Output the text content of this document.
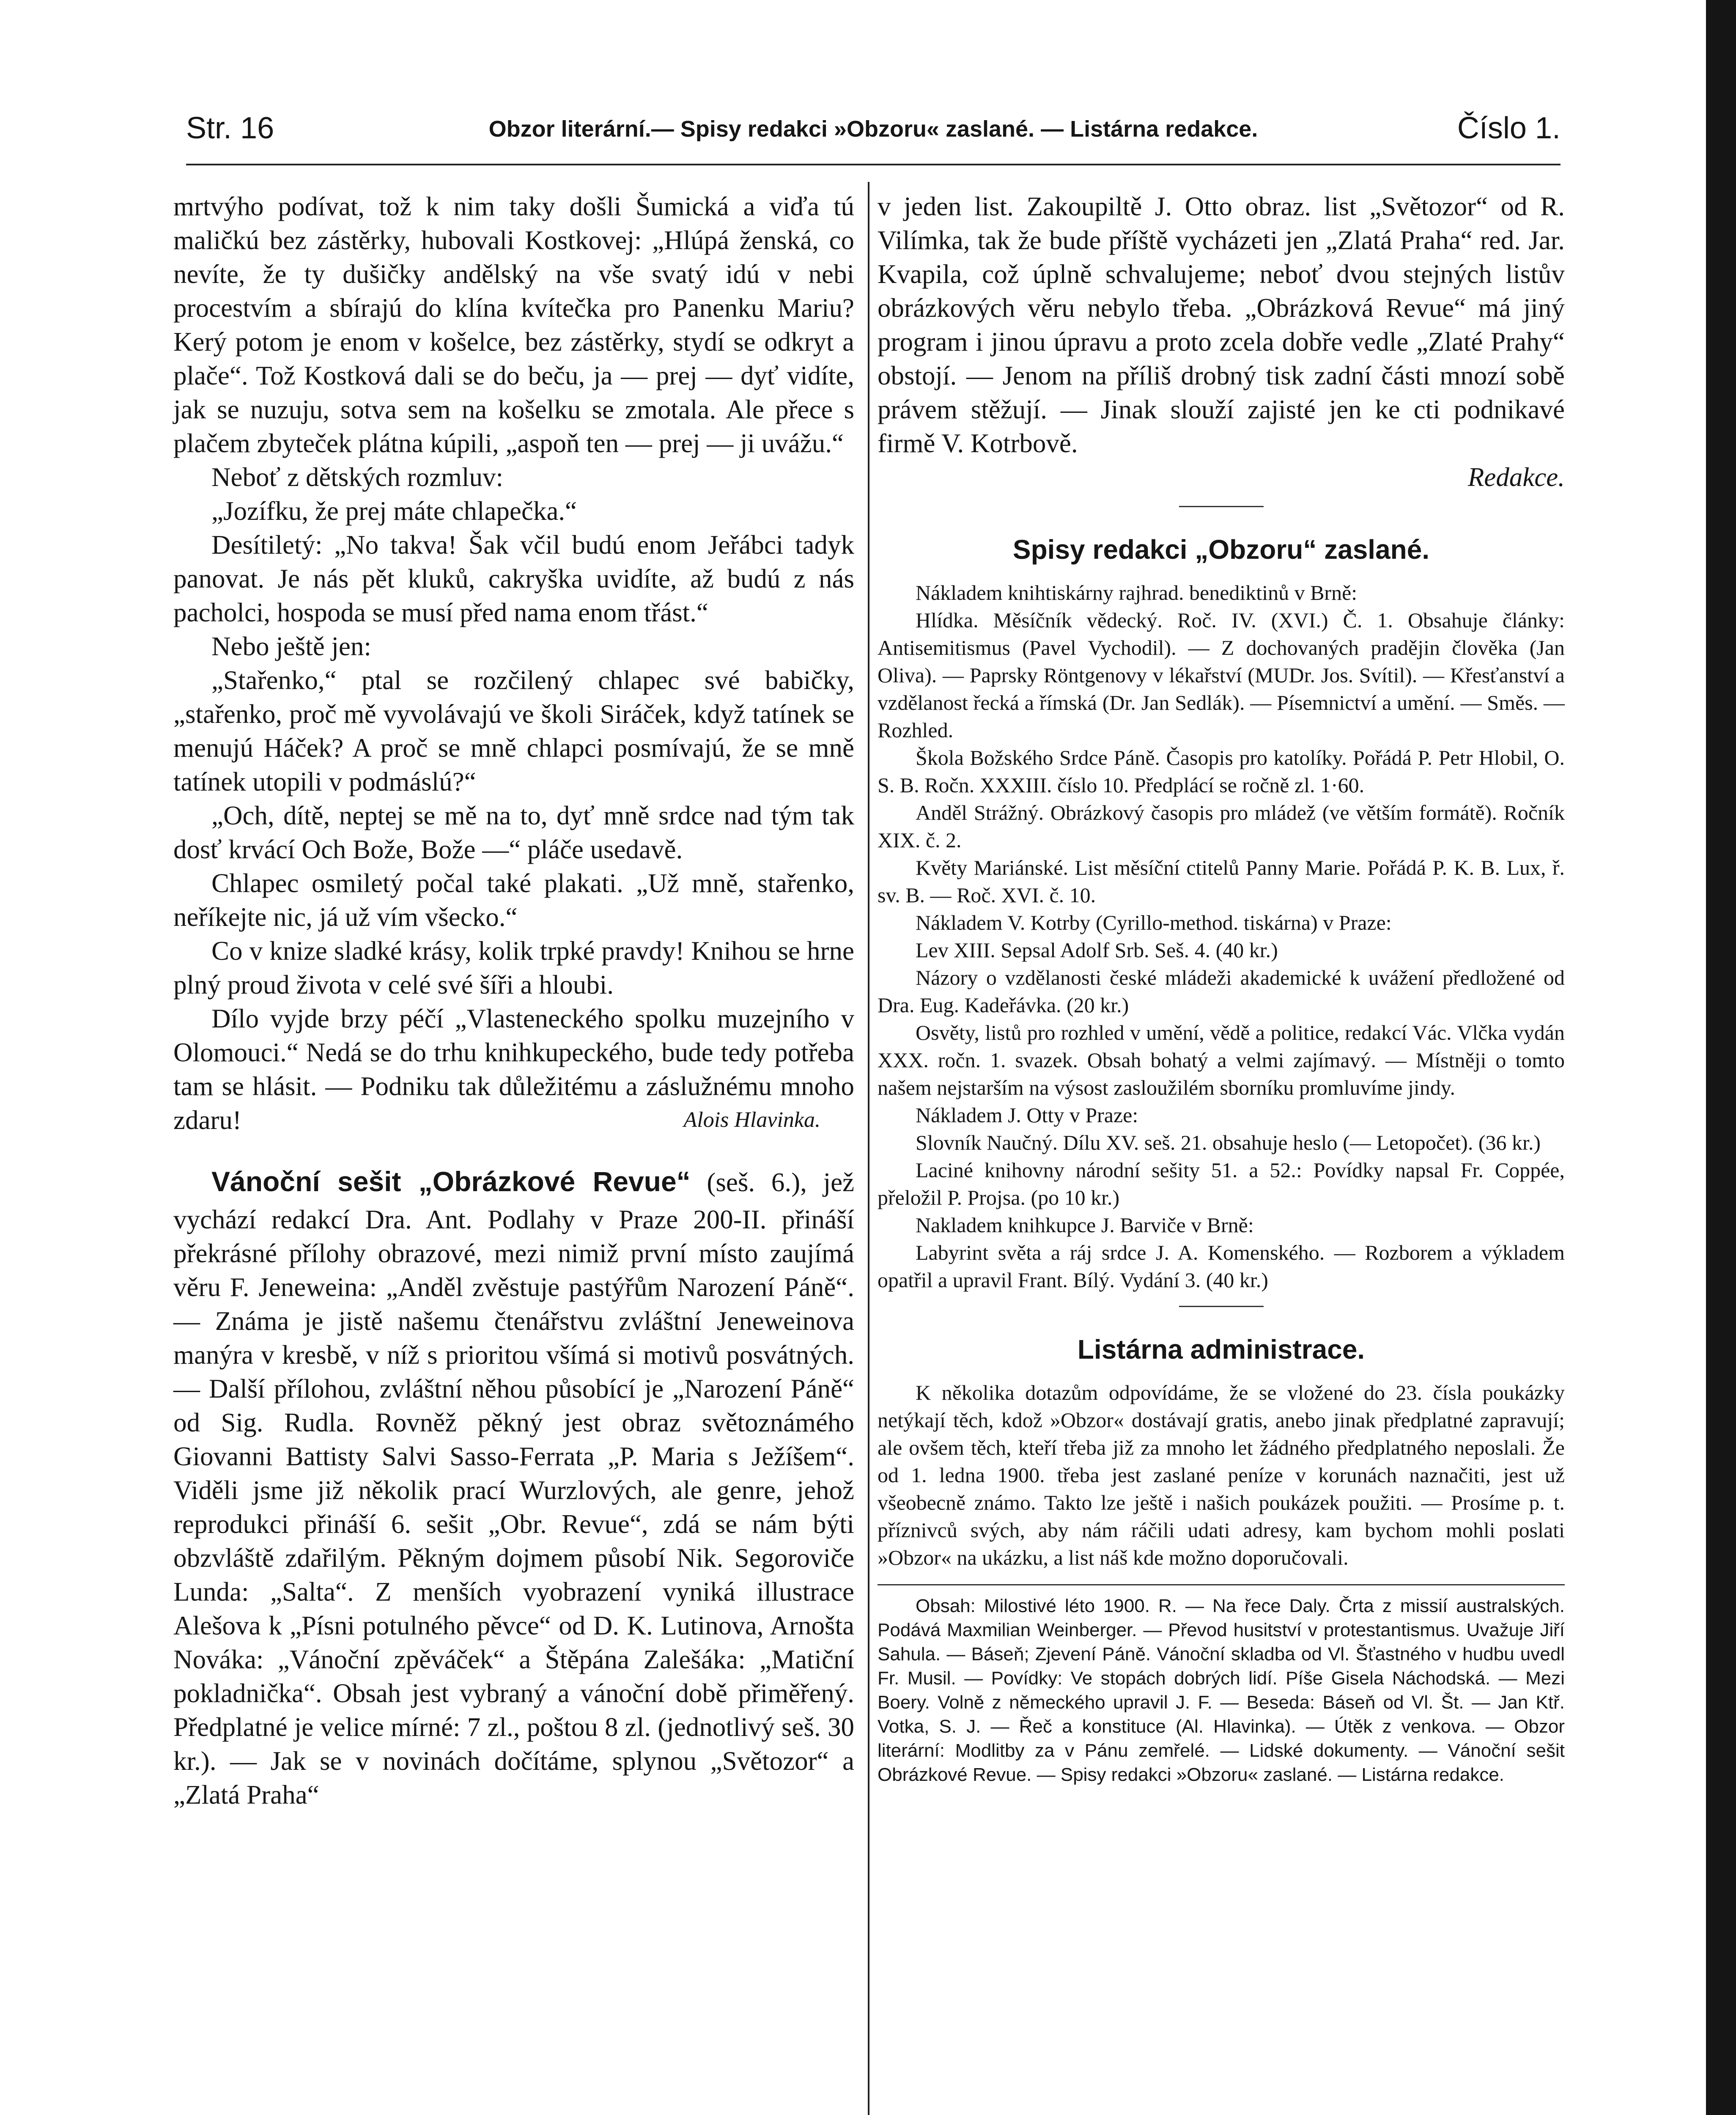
Str. 16	Obzor literární.— Spisy redakci »Obzoru« zaslané. — Listárna redakce.	Číslo 1.

mrtvýho podívat, tož k nim taky došli Šumická a viďa tú maličkú bez zástěrky, hubovali Kostkovej: „Hlúpá ženská, co nevíte, že ty dušičky andělský na vše svatý idú v nebi procestvím a sbírajú do klína kvítečka pro Panenku Mariu? Kerý potom je enom v košelce, bez zástěrky, stydí se odkryt a plače“. Tož Kostková dali se do beču, ja — prej — dyť vidíte, jak se nuzuju, sotva sem na košelku se zmotala. Ale přece s plačem zbyteček plátna kúpili, „aspoň ten — prej — ji uvážu.“

Neboť z dětských rozmluv:

„Jozífku, že prej máte chlapečka.“

Desítiletý: „No takva! Šak včil budú enom Jeřábci tadyk panovat. Je nás pět kluků, cakryška uvidíte, až budú z nás pacholci, hospoda se musí před nama enom třást.“

Nebo ještě jen:

„Stařenko,“ ptal se rozčilený chlapec své babičky, „stařenko, proč mě vyvolávajú ve školi Siráček, když tatínek se menujú Háček? A proč se mně chlapci posmívajú, že se mně tatínek utopili v podmáslú?“

„Och, dítě, neptej se mě na to, dyť mně srdce nad tým tak dosť krvácí Och Bože, Bože —“ pláče usedavě.

Chlapec osmiletý počal také plakati. „Už mně, stařenko, neříkejte nic, já už vím všecko.“

Co v knize sladké krásy, kolik trpké pravdy! Knihou se hrne plný proud života v celé své šíři a hloubi.

Dílo vyjde brzy péčí „Vlasteneckého spolku muzejního v Olomouci.“ Nedá se do trhu knihkupeckého, bude tedy potřeba tam se hlásit. — Podniku tak důležitému a záslužnému mnoho zdaru!	Alois Hlavinka.

Vánoční sešit „Obrázkové Revue“ (seš. 6.), jež vychází redakcí Dra. Ant. Podlahy v Praze 200-II. přináší překrásné přílohy obrazové, mezi nimiž první místo zaujímá věru F. Jeneweina: „Anděl zvěstuje pastýřům Narození Páně“. — Známa je jistě našemu čtenářstvu zvláštní Jeneweinova manýra v kresbě, v níž s prioritou všímá si motivů posvátných. — Další přílohou, zvláštní něhou působící je „Narození Páně“ od Sig. Rudla. Rovněž pěkný jest obraz světoznámého Giovanni Battisty Salvi Sasso-Ferrata „P. Maria s Ježíšem“. Viděli jsme již několik prací Wurzlových, ale genre, jehož reprodukci přináší 6. sešit „Obr. Revue“, zdá se nám býti obzvláště zdařilým. Pěkným dojmem působí Nik. Segoroviče Lunda: „Salta“. Z menších vyobrazení vyniká illustrace Alešova k „Písni potulného pěvce“ od D. K. Lutinova, Arnošta Nováka: „Vánoční zpěváček“ a Štěpána Zalešáka: „Matiční pokladnička“. Obsah jest vybraný a vánoční době přiměřený. Předplatné je velice mírné: 7 zl., poštou 8 zl. (jednotlivý seš. 30 kr.). — Jak se v novinách dočítáme, splynou „Světozor“ a „Zlatá Praha“

v jeden list. Zakoupiltě J. Otto obraz. list „Světozor“ od R. Vilímka, tak že bude příště vycházeti jen „Zlatá Praha“ red. Jar. Kvapila, což úplně schvalujeme; neboť dvou stejných listův obrázkových věru nebylo třeba. „Obrázková Revue“ má jiný program i jinou úpravu a proto zcela dobře vedle „Zlaté Prahy“ obstojí. — Jenom na příliš drobný tisk zadní části mnozí sobě právem stěžují. — Jinak slouží zajisté jen ke cti podnikavé firmě V. Kotrbově.

Redakce.

Spisy redakci „Obzoru“ zaslané.

Nákladem knihtiskárny rajhrad. benediktinů v Brně:

Hlídka. Měsíčník vědecký. Roč. IV. (XVI.) Č. 1. Obsahuje články: Antisemitismus (Pavel Vychodil). — Z dochovaných pradějin člověka (Jan Oliva). — Paprsky Röntgenovy v lékařství (MUDr. Jos. Svítil). — Křesťanství a vzdělanost řecká a římská (Dr. Jan Sedlák). — Písemnictví a umění. — Směs. — Rozhled.

Škola Božského Srdce Páně. Časopis pro katolíky. Pořádá P. Petr Hlobil, O. S. B. Ročn. XXXIII. číslo 10. Předplácí se ročně zl. 1·60.

Anděl Strážný. Obrázkový časopis pro mládež (ve větším formátě). Ročník XIX. č. 2.

Květy Mariánské. List měsíční ctitelů Panny Marie. Pořádá P. K. B. Lux, ř. sv. B. — Roč. XVI. č. 10.

Nákladem V. Kotrby (Cyrillo-method. tiskárna) v Praze:

Lev XIII. Sepsal Adolf Srb. Seš. 4. (40 kr.)

Názory o vzdělanosti české mládeži akademické k uvážení předložené od Dra. Eug. Kadeřávka. (20 kr.)

Osvěty, listů pro rozhled v umění, vědě a politice, redakcí Vác. Vlčka vydán XXX. ročn. 1. svazek. Obsah bohatý a velmi zajímavý. — Místněji o tomto našem nejstarším na výsost zasloužilém sborníku promluvíme jindy.

Nákladem J. Otty v Praze:

Slovník Naučný. Dílu XV. seš. 21. obsahuje heslo (— Letopočet). (36 kr.)

Laciné knihovny národní sešity 51. a 52.: Povídky napsal Fr. Coppée, přeložil P. Projsa. (po 10 kr.)

Nakladem knihkupce J. Barviče v Brně:

Labyrint světa a ráj srdce J. A. Komenského. — Rozborem a výkladem opatřil a upravil Frant. Bílý. Vydání 3. (40 kr.)

Listárna administrace.

K několika dotazům odpovídáme, že se vložené do 23. čísla poukázky netýkají těch, kdož »Obzor« dostávají gratis, anebo jinak předplatné zapravují; ale ovšem těch, kteří třeba již za mnoho let žádného předplatného neposlali. Že od 1. ledna 1900. třeba jest zaslané peníze v korunách naznačiti, jest už všeobecně známo. Takto lze ještě i našich poukázek použiti. — Prosíme p. t. příznivců svých, aby nám ráčili udati adresy, kam bychom mohli poslati »Obzor« na ukázku, a list náš kde možno doporučovali.

Obsah: Milostivé léto 1900. R. — Na řece Daly. Črta z missií australských. Podává Maxmilian Weinberger. — Převod husitství v protestantismus. Uvažuje Jiří Sahula. — Báseň; Zjevení Páně. Vánoční skladba od Vl. Šťastného v hudbu uvedl Fr. Musil. — Povídky: Ve stopách dobrých lidí. Píše Gisela Náchodská. — Mezi Boery. Volně z německého upravil J. F. — Beseda: Báseň od Vl. Št. — Jan Ktř. Votka, S. J. — Řeč a konstituce (Al. Hlavinka). — Útěk z venkova. — Obzor literární: Modlitby za v Pánu zemřelé. — Lidské dokumenty. — Vánoční sešit Obrázkové Revue. — Spisy redakci »Obzoru« zaslané. — Listárna redakce.
